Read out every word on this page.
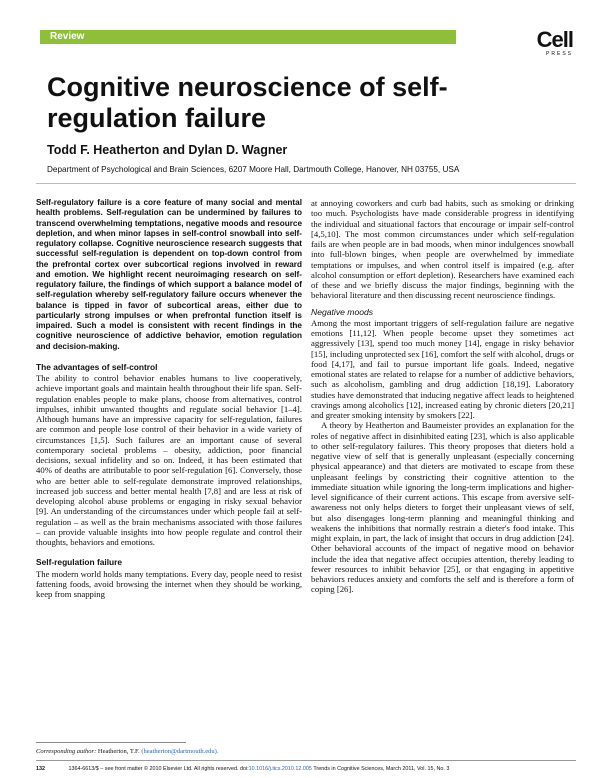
Review	Cell
PRESS
Cognitive neuroscience of self-regulation failure
Todd F. Heatherton and Dylan D. Wagner
Department of Psychological and Brain Sciences, 6207 Moore Hall, Dartmouth College, Hanover, NH 03755, USA

Self-regulatory failure is a core feature of many social and mental health problems. Self-regulation can be undermined by failures to transcend overwhelming temptations, negative moods and resource depletion, and when minor lapses in self-control snowball into self-regulatory collapse. Cognitive neuroscience research suggests that successful self-regulation is dependent on top-down control from the prefrontal cortex over subcortical regions involved in reward and emotion. We highlight recent neuroimaging research on self-regulatory failure, the findings of which support a balance model of self-regulation whereby self-regulatory failure occurs whenever the balance is tipped in favor of subcortical areas, either due to particularly strong impulses or when prefrontal function itself is impaired. Such a model is consistent with recent findings in the cognitive neuroscience of addictive behavior, emotion regulation and decision-making.

The advantages of self-control

The ability to control behavior enables humans to live cooperatively, achieve important goals and maintain health throughout their life span. Self-regulation enables people to make plans, choose from alternatives, control impulses, inhibit unwanted thoughts and regulate social behavior [1–4]. Although humans have an impressive capacity for self-regulation, failures are common and people lose control of their behavior in a wide variety of circumstances [1,5]. Such failures are an important cause of several contemporary societal problems – obesity, addiction, poor financial decisions, sexual infidelity and so on. Indeed, it has been estimated that 40% of deaths are attributable to poor self-regulation [6]. Conversely, those who are better able to self-regulate demonstrate improved relationships, increased job success and better mental health [7,8] and are less at risk of developing alcohol abuse problems or engaging in risky sexual behavior [9]. An understanding of the circumstances under which people fail at self-regulation – as well as the brain mechanisms associated with those failures – can provide valuable insights into how people regulate and control their thoughts, behaviors and emotions.

Self-regulation failure

The modern world holds many temptations. Every day, people need to resist fattening foods, avoid browsing the internet when they should be working, keep from snapping

at annoying coworkers and curb bad habits, such as smoking or drinking too much. Psychologists have made considerable progress in identifying the individual and situational factors that encourage or impair self-control [4,5,10]. The most common circumstances under which self-regulation fails are when people are in bad moods, when minor indulgences snowball into full-blown binges, when people are overwhelmed by immediate temptations or impulses, and when control itself is impaired (e.g. after alcohol consumption or effort depletion). Researchers have examined each of these and we briefly discuss the major findings, beginning with the behavioral literature and then discussing recent neuroscience findings.

Negative moods

Among the most important triggers of self-regulation failure are negative emotions [11,12]. When people become upset they sometimes act aggressively [13], spend too much money [14], engage in risky behavior [15], including unprotected sex [16], comfort the self with alcohol, drugs or food [4,17], and fail to pursue important life goals. Indeed, negative emotional states are related to relapse for a number of addictive behaviors, such as alcoholism, gambling and drug addiction [18,19]. Laboratory studies have demonstrated that inducing negative affect leads to heightened cravings among alcoholics [12], increased eating by chronic dieters [20,21] and greater smoking intensity by smokers [22].

A theory by Heatherton and Baumeister provides an explanation for the roles of negative affect in disinhibited eating [23], which is also applicable to other self-regulatory failures. This theory proposes that dieters hold a negative view of self that is generally unpleasant (especially concerning physical appearance) and that dieters are motivated to escape from these unpleasant feelings by constricting their cognitive attention to the immediate situation while ignoring the long-term implications and higher-level significance of their current actions. This escape from aversive self-awareness not only helps dieters to forget their unpleasant views of self, but also disengages long-term planning and meaningful thinking and weakens the inhibitions that normally restrain a dieter's food intake. This might explain, in part, the lack of insight that occurs in drug addiction [24]. Other behavioral accounts of the impact of negative mood on behavior include the idea that negative affect occupies attention, thereby leading to fewer resources to inhibit behavior [25], or that engaging in appetitive behaviors reduces anxiety and comforts the self and is therefore a form of coping [26].

Corresponding author: Heatherton, T.F. (heatherton@dartmouth.edu).
132	1364-6613/$ – see front matter © 2010 Elsevier Ltd. All rights reserved. doi:10.1016/j.tics.2010.12.005 Trends in Cognitive Sciences, March 2011, Vol. 15, No. 3
